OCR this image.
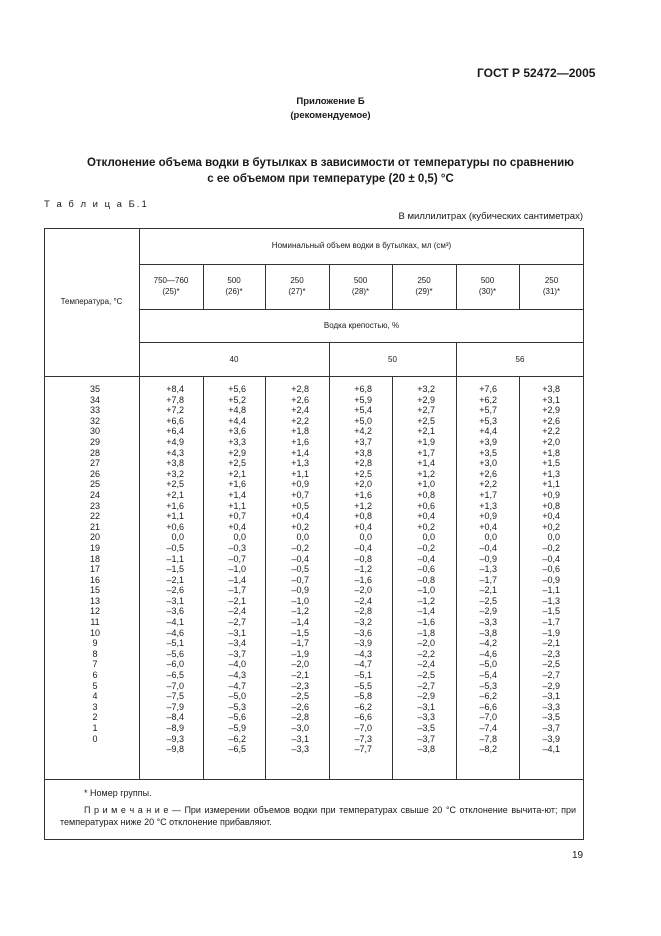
ГОСТ Р 52472—2005
Приложение Б
(рекомендуемое)
Отклонение объема водки в бутылках в зависимости от температуры по сравнению
с ее объемом при температуре (20 ± 0,5) °С
Т а б л и ц а Б.1
В миллилитрах (кубических сантиметрах)
Температура, °С
Номинальный объем водки в бутылках, мл (см³)
750—760
(25)*
500
(26)*
250
(27)*
500
(28)*
250
(29)*
500
(30)*
250
(31)*
Водка крепостью, %
40	50	56
35
34
33
32
30
29
28
27
26
25
24
23
22
21
20
19
18
17
16
15
13
12
11
10
9
8
7
6
5
4
3
2
1
0
+8,4
+7,8
+7,2
+6,6
+6,4
+4,9
+4,3
+3,8
+3,2
+2,5
+2,1
+1,6
+1,1
+0,6
0,0
–0,5
–1,1
–1,5
–2,1
–2,6
–3,1
–3,6
–4,1
–4,6
–5,1
–5,6
–6,0
–6,5
–7,0
–7,5
–7,9
–8,4
–8,9
–9,3
–9,8
+5,6
+5,2
+4,8
+4,4
+3,6
+3,3
+2,9
+2,5
+2,1
+1,6
+1,4
+1,1
+0,7
+0,4
0,0
–0,3
–0,7
–1,0
–1,4
–1,7
–2,1
–2,4
–2,7
–3,1
–3,4
–3,7
–4,0
–4,3
–4,7
–5,0
–5,3
–5,6
–5,9
–6,2
–6,5
+2,8
+2,6
+2,4
+2,2
+1,8
+1,6
+1,4
+1,3
+1,1
+0,9
+0,7
+0,5
+0,4
+0,2
0,0
–0,2
–0,4
–0,5
–0,7
–0,9
–1,0
–1,2
–1,4
–1,5
–1,7
–1,9
–2,0
–2,1
–2,3
–2,5
–2,6
–2,8
–3,0
–3,1
–3,3
+6,8
+5,9
+5,4
+5,0
+4,2
+3,7
+3,8
+2,8
+2,5
+2,0
+1,6
+1,2
+0,8
+0,4
0,0
–0,4
–0,8
–1,2
–1,6
–2,0
–2,4
–2,8
–3,2
–3,6
–3,9
–4,3
–4,7
–5,1
–5,5
–5,8
–6,2
–6,6
–7,0
–7,3
–7,7
+3,2
+2,9
+2,7
+2,5
+2,1
+1,9
+1,7
+1,4
+1,2
+1,0
+0,8
+0,6
+0,4
+0,2
0,0
–0,2
–0,4
–0,6
–0,8
–1,0
–1,2
–1,4
–1,6
–1,8
–2,0
–2,2
–2,4
–2,5
–2,7
–2,9
–3,1
–3,3
–3,5
–3,7
–3,8
+7,6
+6,2
+5,7
+5,3
+4,4
+3,9
+3,5
+3,0
+2,6
+2,2
+1,7
+1,3
+0,9
+0,4
0,0
–0,4
–0,9
–1,3
–1,7
–2,1
–2,5
–2,9
–3,3
–3,8
–4,2
–4,6
–5,0
–5,4
–5,3
–6,2
–6,6
–7,0
–7,4
–7,8
–8,2
+3,8
+3,1
+2,9
+2,6
+2,2
+2,0
+1,8
+1,5
+1,3
+1,1
+0,9
+0,8
+0,4
+0,2
0,0
–0,2
–0,4
–0,6
–0,9
–1,1
–1,3
–1,5
–1,7
–1,9
–2,1
–2,3
–2,5
–2,7
–2,9
–3,1
–3,3
–3,5
–3,7
–3,9
–4,1
* Номер группы.
П р и м е ч а н и е — При измерении объемов водки при температурах свыше 20 °С отклонение вычита-ют; при температурах ниже 20 °С отклонение прибавляют.
19
